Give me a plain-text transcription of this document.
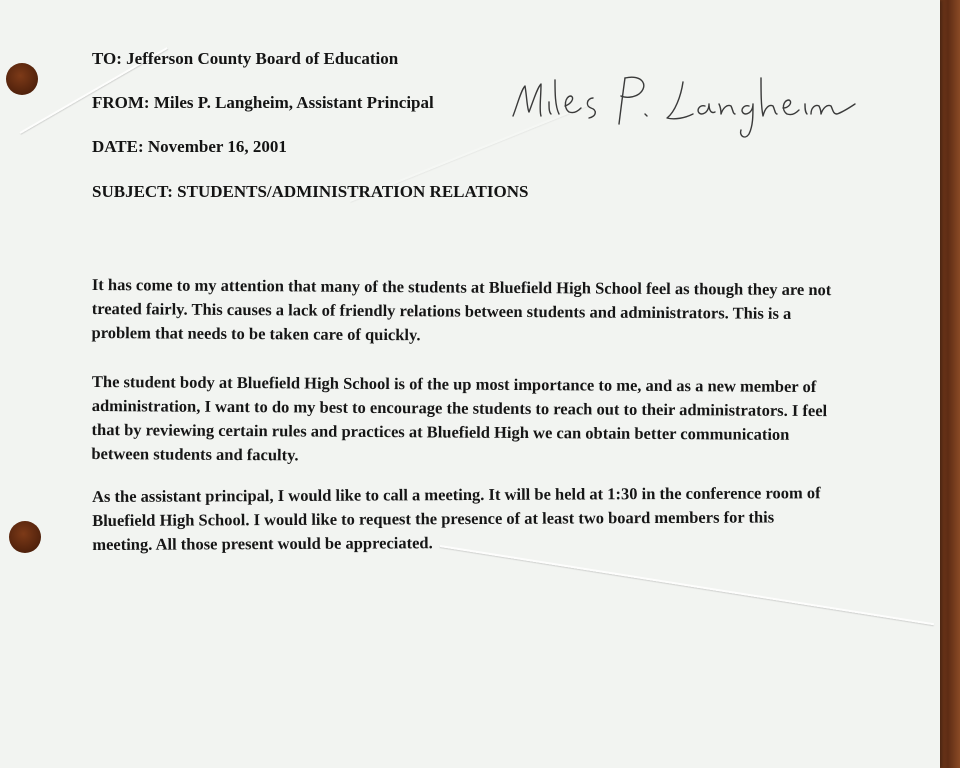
TO: Jefferson County Board of Education

FROM: Miles P. Langheim, Assistant Principal

DATE: November 16, 2001

SUBJECT: STUDENTS/ADMINISTRATION RELATIONS

It has come to my attention that many of the students at Bluefield High School feel as though they are not treated fairly. This causes a lack of friendly relations between students and administrators. This is a problem that needs to be taken care of quickly.

The student body at Bluefield High School is of the up most importance to me, and as a new member of administration, I want to do my best to encourage the students to reach out to their administrators. I feel that by reviewing certain rules and practices at Bluefield High we can obtain better communication between students and faculty.

As the assistant principal, I would like to call a meeting. It will be held at 1:30 in the conference room of Bluefield High School. I would like to request the presence of at least two board members for this meeting. All those present would be appreciated.
